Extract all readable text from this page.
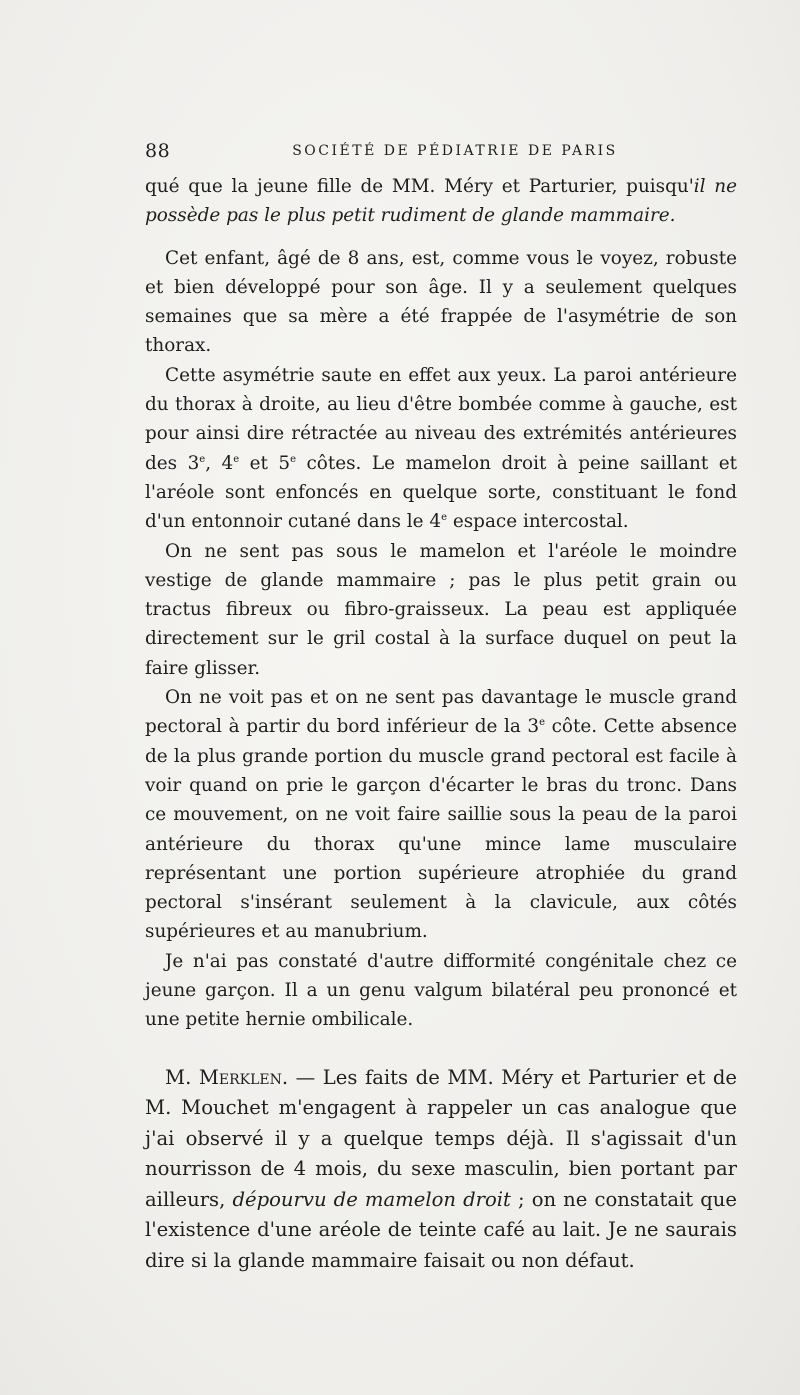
88	SOCIÉTÉ DE PÉDIATRIE DE PARIS

qué que la jeune fille de MM. Méry et Parturier, puisqu'il ne possède pas le plus petit rudiment de glande mammaire.

Cet enfant, âgé de 8 ans, est, comme vous le voyez, robuste et bien développé pour son âge. Il y a seulement quelques semaines que sa mère a été frappée de l'asymétrie de son thorax.

Cette asymétrie saute en effet aux yeux. La paroi antérieure du thorax à droite, au lieu d'être bombée comme à gauche, est pour ainsi dire rétractée au niveau des extrémités antérieures des 3e, 4e et 5e côtes. Le mamelon droit à peine saillant et l'aréole sont enfoncés en quelque sorte, constituant le fond d'un entonnoir cutané dans le 4e espace intercostal.

On ne sent pas sous le mamelon et l'aréole le moindre vestige de glande mammaire ; pas le plus petit grain ou tractus fibreux ou fibro-graisseux. La peau est appliquée directement sur le gril costal à la surface duquel on peut la faire glisser.

On ne voit pas et on ne sent pas davantage le muscle grand pectoral à partir du bord inférieur de la 3e côte. Cette absence de la plus grande portion du muscle grand pectoral est facile à voir quand on prie le garçon d'écarter le bras du tronc. Dans ce mouvement, on ne voit faire saillie sous la peau de la paroi antérieure du thorax qu'une mince lame musculaire représentant une portion supérieure atrophiée du grand pectoral s'insérant seulement à la clavicule, aux côtés supérieures et au manubrium.

Je n'ai pas constaté d'autre difformité congénitale chez ce jeune garçon. Il a un genu valgum bilatéral peu prononcé et une petite hernie ombilicale.

M. Merklen. — Les faits de MM. Méry et Parturier et de M. Mouchet m'engagent à rappeler un cas analogue que j'ai observé il y a quelque temps déjà. Il s'agissait d'un nourrisson de 4 mois, du sexe masculin, bien portant par ailleurs, dépourvu de mamelon droit ; on ne constatait que l'existence d'une aréole de teinte café au lait. Je ne saurais dire si la glande mammaire faisait ou non défaut.
